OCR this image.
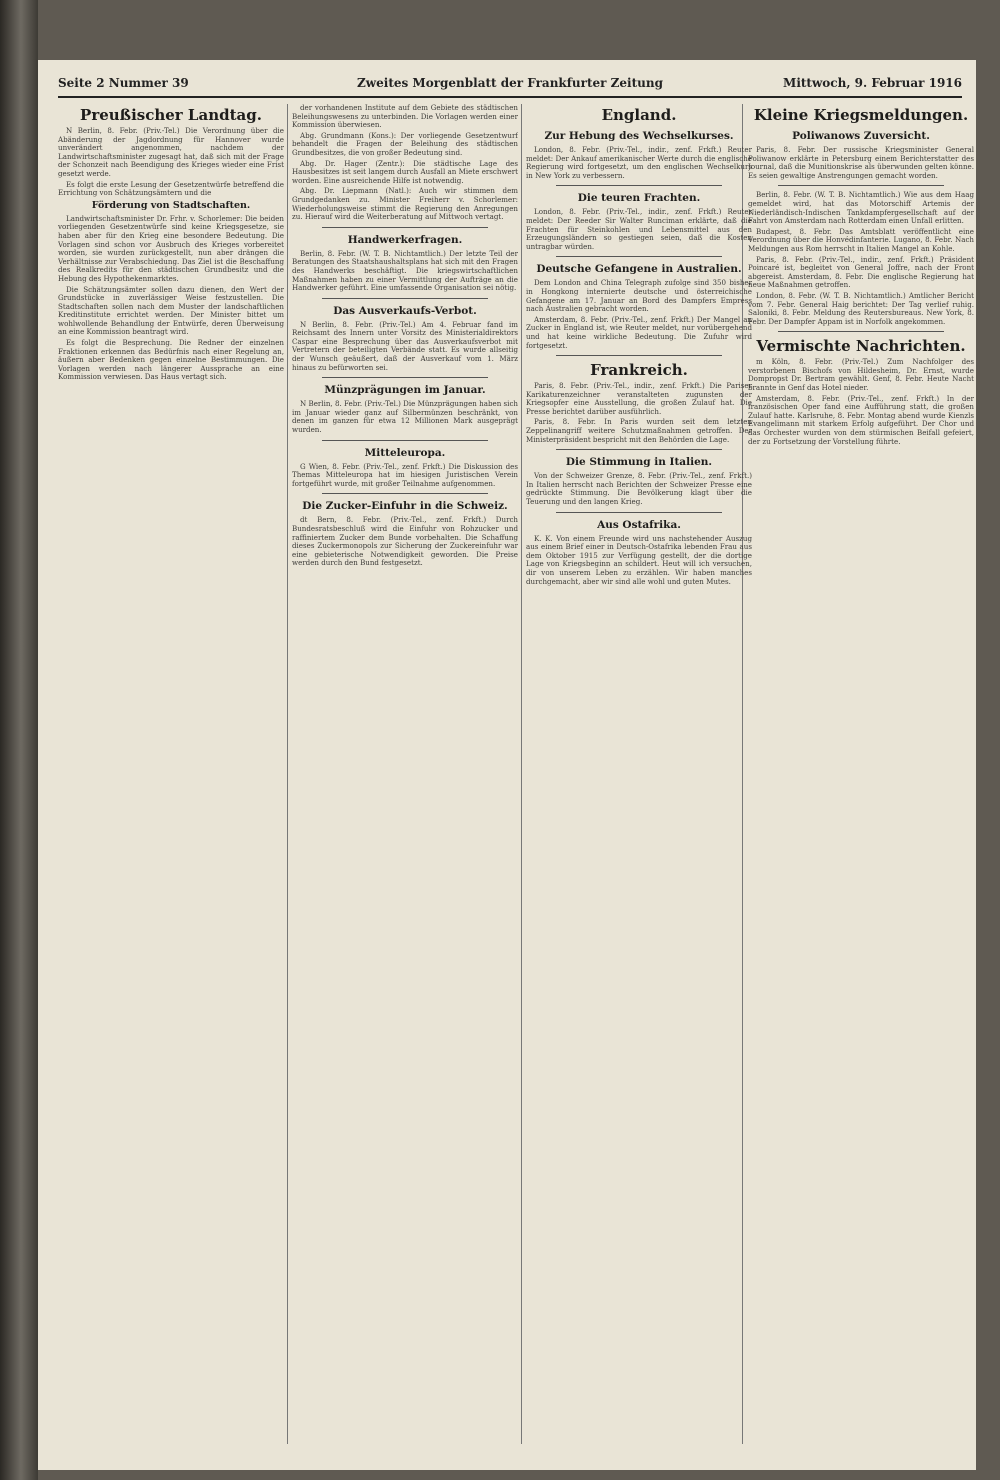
Seite 2 Nummer 39	Zweites Morgenblatt der Frankfurter Zeitung	Mittwoch, 9. Februar 1916
Preußischer Landtag.

N Berlin, 8. Febr. (Priv.-Tel.) Die Verordnung über die Abänderung der Jagdordnung für Hannover wurde unverändert angenommen, nachdem der Landwirtschaftsminister zugesagt hat, daß sich mit der Frage der Schonzeit nach Beendigung des Krieges wieder eine Frist gesetzt werde.

Es folgt die erste Lesung der Gesetzentwürfe betreffend die Errichtung von Schätzungsämtern und die

Förderung von Stadtschaften.

Landwirtschaftsminister Dr. Frhr. v. Schorlemer: Die beiden vorliegenden Gesetzentwürfe sind keine Kriegsgesetze, sie haben aber für den Krieg eine besondere Bedeutung. Die Vorlagen sind schon vor Ausbruch des Krieges vorbereitet worden, sie wurden zurückgestellt, nun aber drängen die Verhältnisse zur Verabschiedung. Das Ziel ist die Beschaffung des Realkredits für den städtischen Grundbesitz und die Hebung des Hypothekenmarktes.

Die Schätzungsämter sollen dazu dienen, den Wert der Grundstücke in zuverlässiger Weise festzustellen. Die Stadtschaften sollen nach dem Muster der landschaftlichen Kreditinstitute errichtet werden. Der Minister bittet um wohlwollende Behandlung der Entwürfe, deren Überweisung an eine Kommission beantragt wird.

Es folgt die Besprechung. Die Redner der einzelnen Fraktionen erkennen das Bedürfnis nach einer Regelung an, äußern aber Bedenken gegen einzelne Bestimmungen. Die Vorlagen werden nach längerer Aussprache an eine Kommission verwiesen. Das Haus vertagt sich.

der vorhandenen Institute auf dem Gebiete des städtischen Beleihungswesens zu unterbinden. Die Vorlagen werden einer Kommission überwiesen.

Abg. Grundmann (Kons.): Der vorliegende Gesetzentwurf behandelt die Fragen der Beleihung des städtischen Grundbesitzes, die von großer Bedeutung sind.

Abg. Dr. Hager (Zentr.): Die städtische Lage des Hausbesitzes ist seit langem durch Ausfall an Miete erschwert worden. Eine ausreichende Hilfe ist notwendig.

Abg. Dr. Liepmann (Natl.): Auch wir stimmen dem Grundgedanken zu. Minister Freiherr v. Schorlemer: Wiederholungsweise stimmt die Regierung den Anregungen zu. Hierauf wird die Weiterberatung auf Mittwoch vertagt.

Handwerkerfragen.

Berlin, 8. Febr. (W. T. B. Nichtamtlich.) Der letzte Teil der Beratungen des Staatshaushaltsplans hat sich mit den Fragen des Handwerks beschäftigt. Die kriegswirtschaftlichen Maßnahmen haben zu einer Vermittlung der Aufträge an die Handwerker geführt. Eine umfassende Organisation sei nötig.

Das Ausverkaufs-Verbot.

N Berlin, 8. Febr. (Priv.-Tel.) Am 4. Februar fand im Reichsamt des Innern unter Vorsitz des Ministerialdirektors Caspar eine Besprechung über das Ausverkaufsverbot mit Vertretern der beteiligten Verbände statt. Es wurde allseitig der Wunsch geäußert, daß der Ausverkauf vom 1. März hinaus zu befürworten sei.

Münzprägungen im Januar.

N Berlin, 8. Febr. (Priv.-Tel.) Die Münzprägungen haben sich im Januar wieder ganz auf Silbermünzen beschränkt, von denen im ganzen für etwa 12 Millionen Mark ausgeprägt wurden.

Mitteleuropa.

G Wien, 8. Febr. (Priv.-Tel., zenf. Frkft.) Die Diskussion des Themas Mitteleuropa hat im hiesigen Juristischen Verein fortgeführt wurde, mit großer Teilnahme aufgenommen.

Die Zucker-Einfuhr in die Schweiz.

dt Bern, 8. Febr. (Priv.-Tel., zenf. Frkft.) Durch Bundesratsbeschluß wird die Einfuhr von Rohzucker und raffiniertem Zucker dem Bunde vorbehalten. Die Schaffung dieses Zuckermonopols zur Sicherung der Zuckereinfuhr war eine gebieterische Notwendigkeit geworden. Die Preise werden durch den Bund festgesetzt.

England.
Zur Hebung des Wechselkurses.

London, 8. Febr. (Priv.-Tel., indir., zenf. Frkft.) Reuter meldet: Der Ankauf amerikanischer Werte durch die englische Regierung wird fortgesetzt, um den englischen Wechselkurs in New York zu verbessern.

Die teuren Frachten.

London, 8. Febr. (Priv.-Tel., indir., zenf. Frkft.) Reuter meldet: Der Reeder Sir Walter Runciman erklärte, daß die Frachten für Steinkohlen und Lebensmittel aus den Erzeugungsländern so gestiegen seien, daß die Kosten untragbar würden.

Deutsche Gefangene in Australien.

Dem London and China Telegraph zufolge sind 350 bisher in Hongkong internierte deutsche und österreichische Gefangene am 17. Januar an Bord des Dampfers Empress nach Australien gebracht worden.

Amsterdam, 8. Febr. (Priv.-Tel., zenf. Frkft.) Der Mangel an Zucker in England ist, wie Reuter meldet, nur vorübergehend und hat keine wirkliche Bedeutung. Die Zufuhr wird fortgesetzt.

Frankreich.

Paris, 8. Febr. (Priv.-Tel., indir., zenf. Frkft.) Die Pariser Karikaturenzeichner veranstalteten zugunsten der Kriegsopfer eine Ausstellung, die großen Zulauf hat. Die Presse berichtet darüber ausführlich.

Paris, 8. Febr. In Paris wurden seit dem letzten Zeppelinangriff weitere Schutzmaßnahmen getroffen. Der Ministerpräsident bespricht mit den Behörden die Lage.

Die Stimmung in Italien.

Von der Schweizer Grenze, 8. Febr. (Priv.-Tel., zenf. Frkft.) In Italien herrscht nach Berichten der Schweizer Presse eine gedrückte Stimmung. Die Bevölkerung klagt über die Teuerung und den langen Krieg.

Aus Ostafrika.

K. K. Von einem Freunde wird uns nachstehender Auszug aus einem Brief einer in Deutsch-Ostafrika lebenden Frau aus dem Oktober 1915 zur Verfügung gestellt, der die dortige Lage von Kriegsbeginn an schildert. Heut will ich versuchen, dir von unserem Leben zu erzählen. Wir haben manches durchgemacht, aber wir sind alle wohl und guten Mutes.

Kleine Kriegsmeldungen.
Poliwanows Zuversicht.

Paris, 8. Febr. Der russische Kriegsminister General Poliwanow erklärte in Petersburg einem Berichterstatter des Journal, daß die Munitionskrise als überwunden gelten könne. Es seien gewaltige Anstrengungen gemacht worden.

Berlin, 8. Febr. (W. T. B. Nichtamtlich.) Wie aus dem Haag gemeldet wird, hat das Motorschiff Artemis der Niederländisch-Indischen Tankdampfergesellschaft auf der Fahrt von Amsterdam nach Rotterdam einen Unfall erlitten.

Budapest, 8. Febr. Das Amtsblatt veröffentlicht eine Verordnung über die Honvédinfanterie. Lugano, 8. Febr. Nach Meldungen aus Rom herrscht in Italien Mangel an Kohle.

Paris, 8. Febr. (Priv.-Tel., indir., zenf. Frkft.) Präsident Poincaré ist, begleitet von General Joffre, nach der Front abgereist. Amsterdam, 8. Febr. Die englische Regierung hat neue Maßnahmen getroffen.

London, 8. Febr. (W. T. B. Nichtamtlich.) Amtlicher Bericht vom 7. Febr. General Haig berichtet: Der Tag verlief ruhig. Saloniki, 8. Febr. Meldung des Reutersbureaus. New York, 8. Febr. Der Dampfer Appam ist in Norfolk angekommen.

Vermischte Nachrichten.

m Köln, 8. Febr. (Priv.-Tel.) Zum Nachfolger des verstorbenen Bischofs von Hildesheim, Dr. Ernst, wurde Dompropst Dr. Bertram gewählt. Genf, 8. Febr. Heute Nacht brannte in Genf das Hotel nieder.

Amsterdam, 8. Febr. (Priv.-Tel., zenf. Frkft.) In der französischen Oper fand eine Aufführung statt, die großen Zulauf hatte. Karlsruhe, 8. Febr. Montag abend wurde Kienzls Evangelimann mit starkem Erfolg aufgeführt. Der Chor und das Orchester wurden von dem stürmischen Beifall gefeiert, der zu Fortsetzung der Vorstellung führte.
